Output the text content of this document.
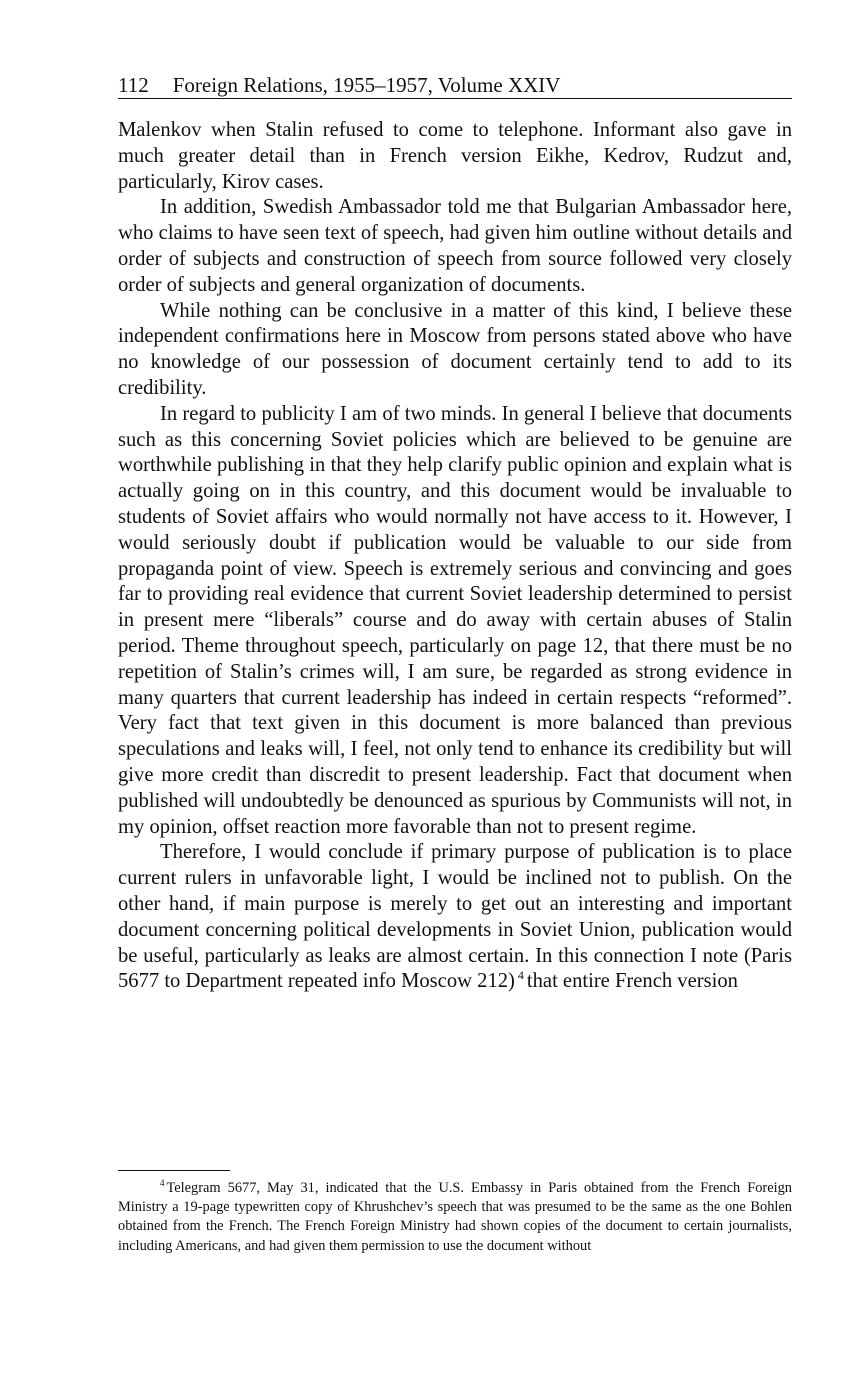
112 Foreign Relations, 1955–1957, Volume XXIV

Malenkov when Stalin refused to come to telephone. Informant also gave in much greater detail than in French version Eikhe, Kedrov, Rudzut and, particularly, Kirov cases.

In addition, Swedish Ambassador told me that Bulgarian Ambassador here, who claims to have seen text of speech, had given him outline without details and order of subjects and construction of speech from source followed very closely order of subjects and general organization of documents.

While nothing can be conclusive in a matter of this kind, I believe these independent confirmations here in Moscow from persons stated above who have no knowledge of our possession of document certainly tend to add to its credibility.

In regard to publicity I am of two minds. In general I believe that documents such as this concerning Soviet policies which are believed to be genuine are worthwhile publishing in that they help clarify public opinion and explain what is actually going on in this country, and this document would be invaluable to students of Soviet affairs who would normally not have access to it. However, I would seriously doubt if publication would be valuable to our side from propaganda point of view. Speech is extremely serious and convincing and goes far to providing real evidence that current Soviet leadership determined to persist in present mere “liberals” course and do away with certain abuses of Stalin period. Theme throughout speech, particularly on page 12, that there must be no repetition of Stalin’s crimes will, I am sure, be regarded as strong evidence in many quarters that current leadership has indeed in certain respects “reformed”. Very fact that text given in this document is more balanced than previous speculations and leaks will, I feel, not only tend to enhance its credibility but will give more credit than discredit to present leadership. Fact that document when published will undoubtedly be denounced as spurious by Communists will not, in my opinion, offset reaction more favorable than not to present regime.

Therefore, I would conclude if primary purpose of publication is to place current rulers in unfavorable light, I would be inclined not to publish. On the other hand, if main purpose is merely to get out an interesting and important document concerning political developments in Soviet Union, publication would be useful, particularly as leaks are almost certain. In this connection I note (Paris 5677 to Department repeated info Moscow 212) $^4$ that entire French version

$^4$ Telegram 5677, May 31, indicated that the U.S. Embassy in Paris obtained from the French Foreign Ministry a 19-page typewritten copy of Khrushchev’s speech that was presumed to be the same as the one Bohlen obtained from the French. The French Foreign Ministry had shown copies of the document to certain journalists, including Americans, and had given them permission to use the document without
